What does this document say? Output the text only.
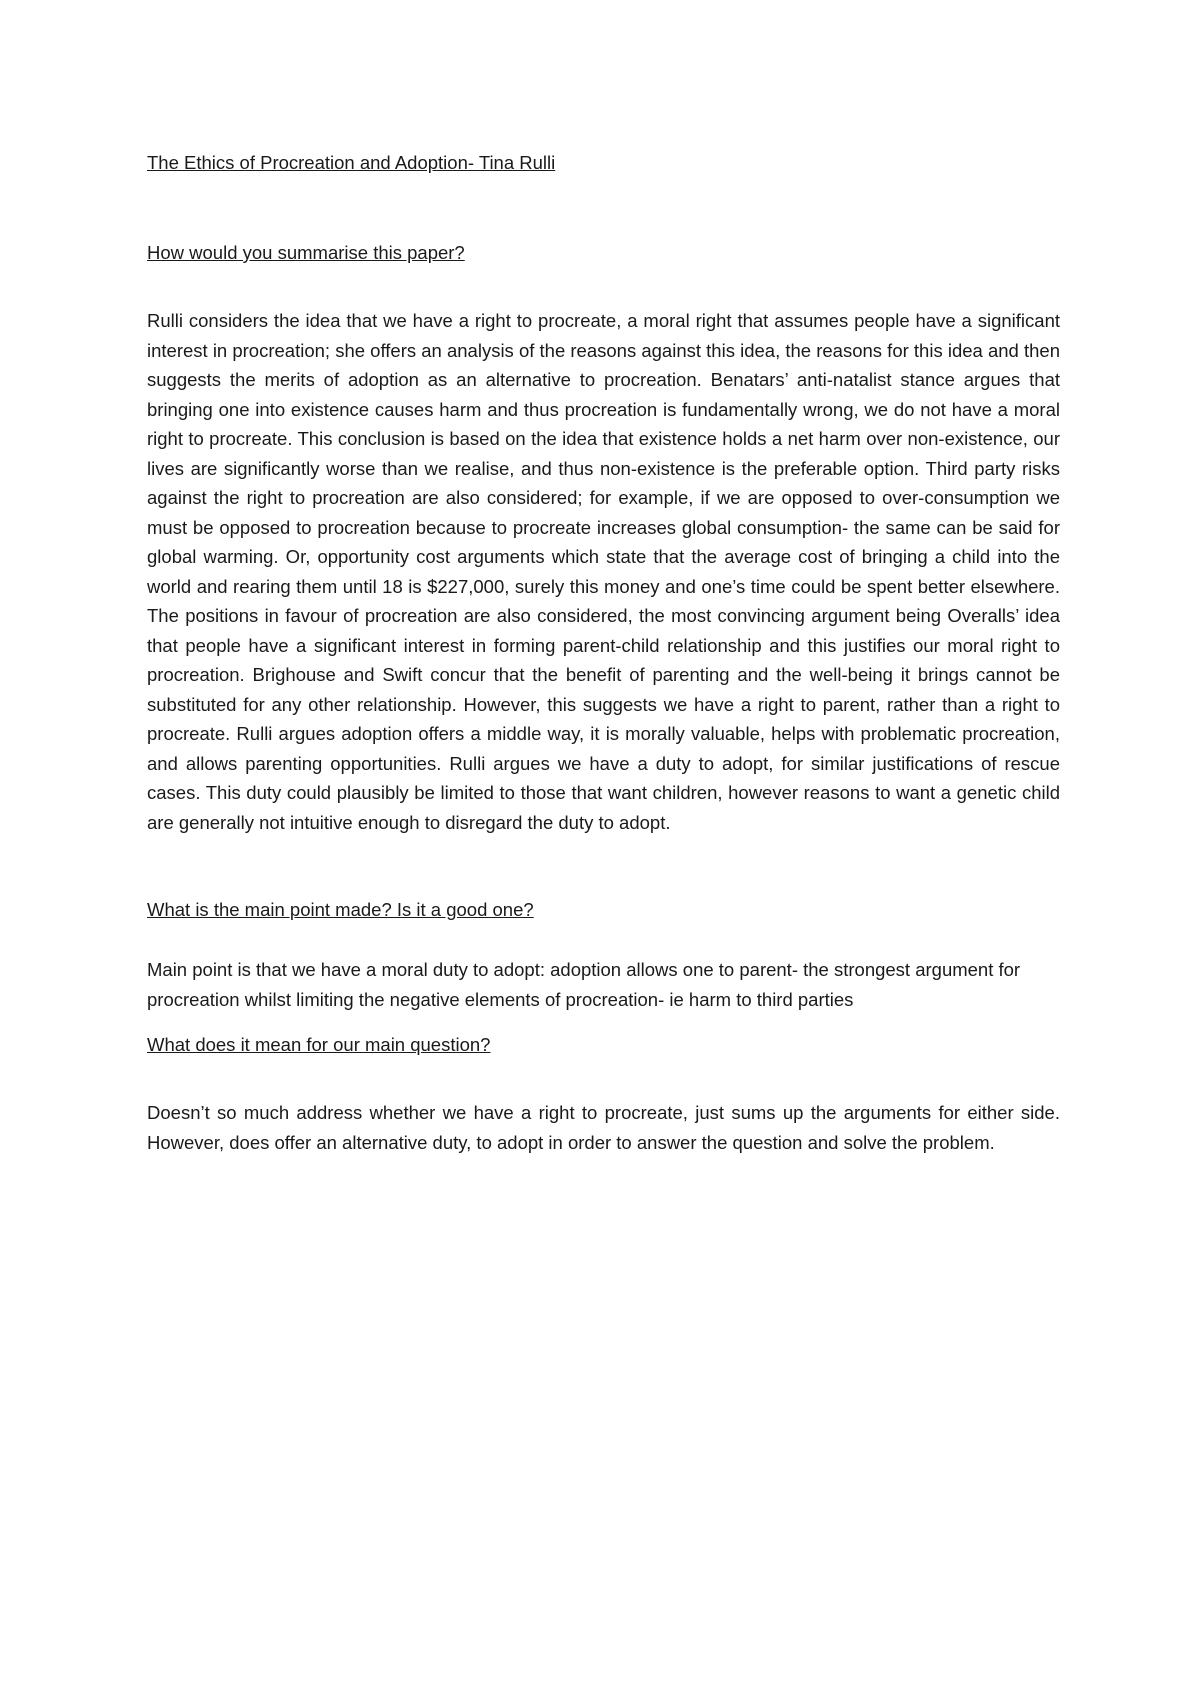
The Ethics of Procreation and Adoption- Tina Rulli

How would you summarise this paper?

Rulli considers the idea that we have a right to procreate, a moral right that assumes people have a significant interest in procreation; she offers an analysis of the reasons against this idea, the reasons for this idea and then suggests the merits of adoption as an alternative to procreation. Benatars’ anti-natalist stance argues that bringing one into existence causes harm and thus procreation is fundamentally wrong, we do not have a moral right to procreate. This conclusion is based on the idea that existence holds a net harm over non-existence, our lives are significantly worse than we realise, and thus non-existence is the preferable option. Third party risks against the right to procreation are also considered; for example, if we are opposed to over-consumption we must be opposed to procreation because to procreate increases global consumption- the same can be said for global warming. Or, opportunity cost arguments which state that the average cost of bringing a child into the world and rearing them until 18 is $227,000, surely this money and one’s time could be spent better elsewhere. The positions in favour of procreation are also considered, the most convincing argument being Overalls’ idea that people have a significant interest in forming parent-child relationship and this justifies our moral right to procreation. Brighouse and Swift concur that the benefit of parenting and the well-being it brings cannot be substituted for any other relationship. However, this suggests we have a right to parent, rather than a right to procreate. Rulli argues adoption offers a middle way, it is morally valuable, helps with problematic procreation, and allows parenting opportunities. Rulli argues we have a duty to adopt, for similar justifications of rescue cases. This duty could plausibly be limited to those that want children, however reasons to want a genetic child are generally not intuitive enough to disregard the duty to adopt.

What is the main point made? Is it a good one?

Main point is that we have a moral duty to adopt: adoption allows one to parent- the strongest argument for procreation whilst limiting the negative elements of procreation- ie harm to third parties

What does it mean for our main question?

Doesn’t so much address whether we have a right to procreate, just sums up the arguments for either side. However, does offer an alternative duty, to adopt in order to answer the question and solve the problem.
